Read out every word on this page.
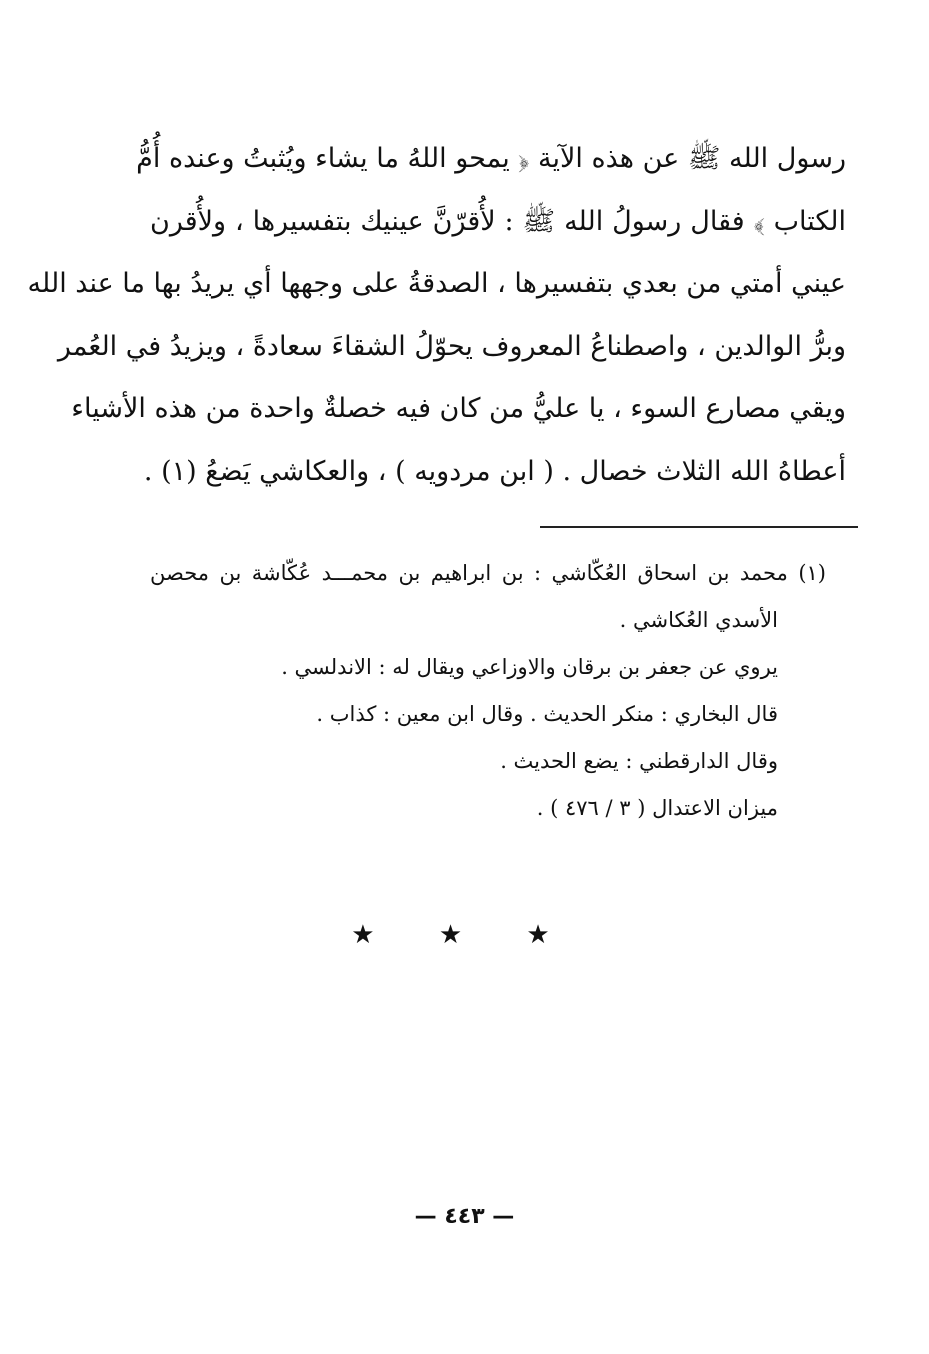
رسول الله ﷺ عن هذه الآية ﴿ يمحو اللهُ ما يشاء ويُثبتُ وعنده أُمُّ
الكتاب ﴾ فقال رسولُ الله ﷺ : لأُقرّنَّ عينيك بتفسيرها ، ولأُقرن
عيني أمتي من بعدي بتفسيرها ، الصدقةُ على وجهها أي يريدُ بها ما عند الله
وبرُّ الوالدين ، واصطناعُ المعروف يحوّلُ الشقاءَ سعادةً ، ويزيدُ في العُمر
ويقي مصارع السوء ، يا عليُّ من كان فيه خصلةٌ واحدة من هذه الأشياء
أعطاهُ الله الثلاث خصال . ( ابن مردويه ) ، والعكاشي يَضعُ (١) .
(١) محمد بن اسحاق العُكّاشي : بن ابراهيم بن محمـــد عُكّاشة بن محصن
الأسدي العُكاشي .
يروي عن جعفر بن برقان والاوزاعي ويقال له : الاندلسي .
قال البخاري : منكر الحديث . وقال ابن معين : كذاب .
وقال الدارقطني : يضع الحديث .
ميزان الاعتدال ( ٣ / ٤٧٦ ) .
★ ★ ★
— ٤٤٣ —
